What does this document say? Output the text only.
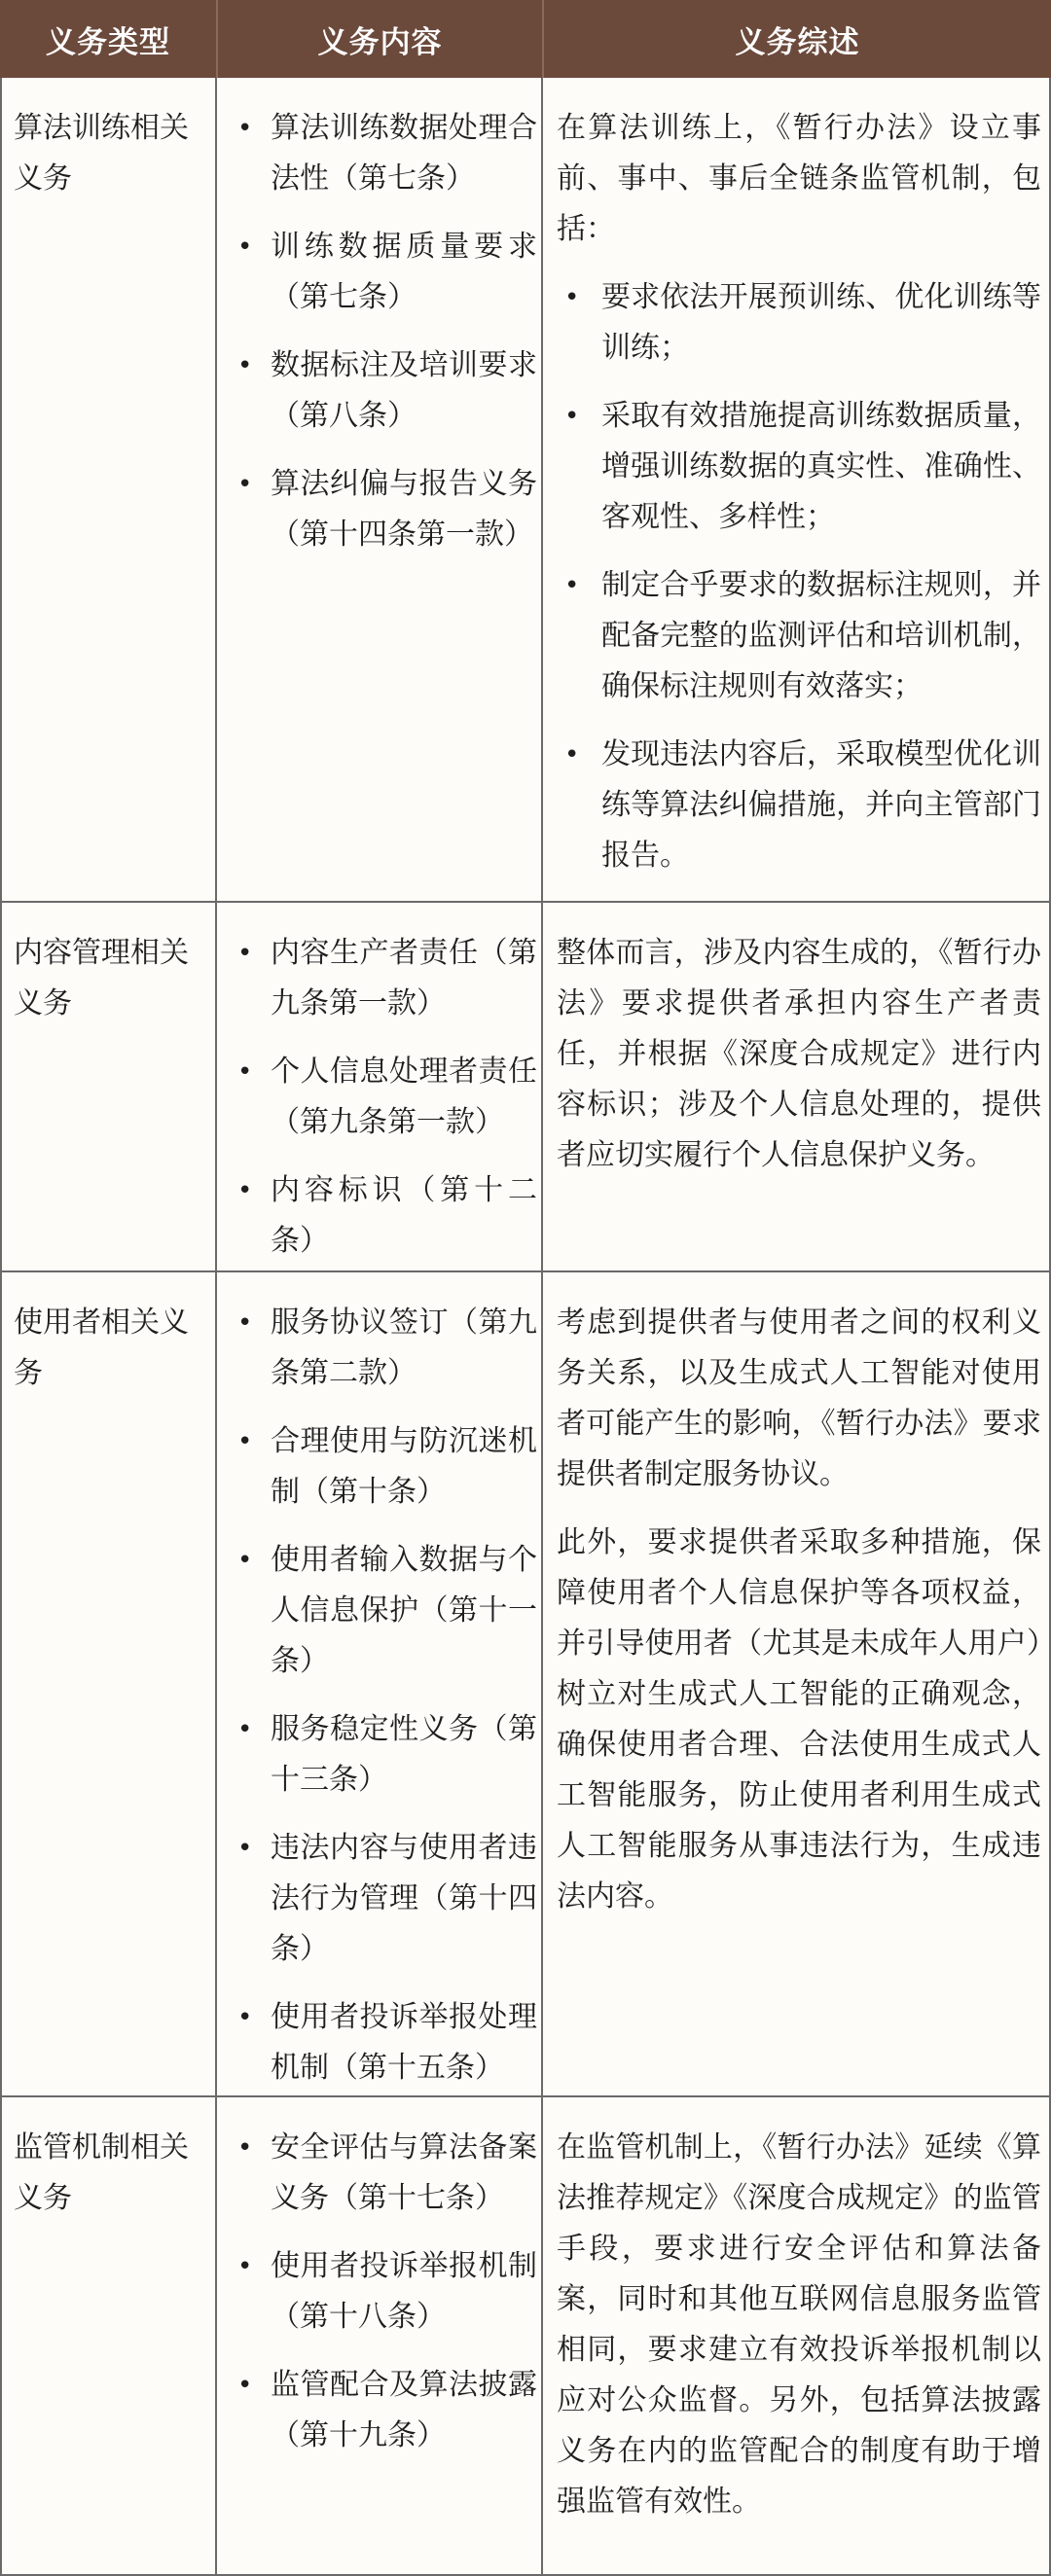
义务类型	义务内容	义务综述
算法训练相关义务
• 算法训练数据处理合法性（第七条）
• 训练数据质量要求（第七条）
• 数据标注及培训要求（第八条）
• 算法纠偏与报告义务（第十四条第一款）

在算法训练上，《暂行办法》设立事前、事中、事后全链条监管机制，包括：

• 要求依法开展预训练、优化训练等训练；
• 采取有效措施提高训练数据质量，增强训练数据的真实性、准确性、客观性、多样性；
• 制定合乎要求的数据标注规则，并配备完整的监测评估和培训机制，确保标注规则有效落实；
• 发现违法内容后，采取模型优化训练等算法纠偏措施，并向主管部门报告。
内容管理相关义务
• 内容生产者责任（第九条第一款）
• 个人信息处理者责任（第九条第一款）
• 内容标识（第十二条）

整体而言，涉及内容生成的，《暂行办法》要求提供者承担内容生产者责任，并根据《深度合成规定》进行内容标识；涉及个人信息处理的，提供者应切实履行个人信息保护义务。

使用者相关义务
• 服务协议签订（第九条第二款）
• 合理使用与防沉迷机制（第十条）
• 使用者输入数据与个人信息保护（第十一条）
• 服务稳定性义务（第十三条）
• 违法内容与使用者违法行为管理（第十四条）
• 使用者投诉举报处理机制（第十五条）

考虑到提供者与使用者之间的权利义务关系，以及生成式人工智能对使用者可能产生的影响，《暂行办法》要求提供者制定服务协议。

此外，要求提供者采取多种措施，保障使用者个人信息保护等各项权益，并引导使用者（尤其是未成年人用户）树立对生成式人工智能的正确观念，确保使用者合理、合法使用生成式人工智能服务，防止使用者利用生成式人工智能服务从事违法行为，生成违法内容。

监管机制相关义务
• 安全评估与算法备案义务（第十七条）
• 使用者投诉举报机制（第十八条）
• 监管配合及算法披露（第十九条）

在监管机制上，《暂行办法》延续《算法推荐规定》《深度合成规定》的监管手段，要求进行安全评估和算法备案，同时和其他互联网信息服务监管相同，要求建立有效投诉举报机制以应对公众监督。另外，包括算法披露义务在内的监管配合的制度有助于增强监管有效性。
